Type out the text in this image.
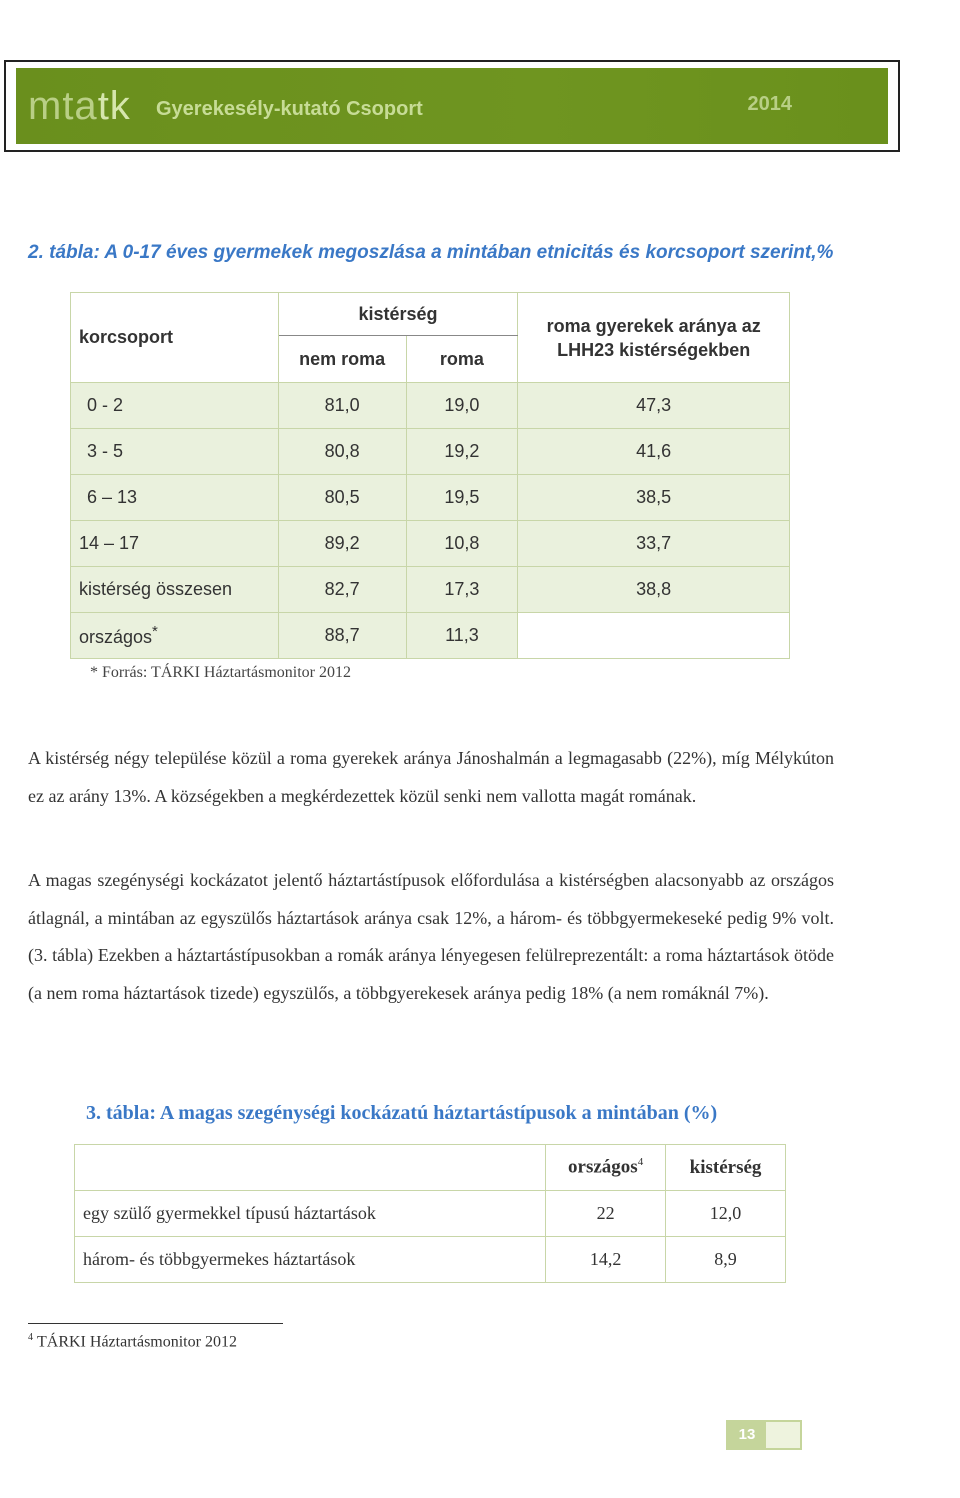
mtatk Gyerekesély-kutató Csoport	2014
2. tábla: A 0-17 éves gyermekek megoszlása a mintában etnicitás és korcsoport szerint,%
korcsoport	kistérség		roma gyerekek aránya az LHH23 kistérségekben
	nem roma	roma	
0 - 2	81,0	19,0	47,3
3 - 5	80,8	19,2	41,6
6 – 13	80,5	19,5	38,5
14 – 17	89,2	10,8	33,7
kistérség összesen	82,7	17,3	38,8
országos*	88,7	11,3	
* Forrás: TÁRKI Háztartásmonitor 2012
A kistérség négy települése közül a roma gyerekek aránya Jánoshalmán a legmagasabb (22%), míg Mélykúton ez az arány 13%. A községekben a megkérdezettek közül senki nem vallotta magát romának.
A magas szegénységi kockázatot jelentő háztartástípusok előfordulása a kistérségben alacsonyabb az országos átlagnál, a mintában az egyszülős háztartások aránya csak 12%, a három- és többgyermekeseké pedig 9% volt. (3. tábla) Ezekben a háztartástípusokban a romák aránya lényegesen felülreprezentált: a roma háztartások ötöde (a nem roma háztartások tizede) egyszülős, a többgyerekesek aránya pedig 18% (a nem romáknál 7%).
3. tábla: A magas szegénységi kockázatú háztartástípusok a mintában (%)
	országos$^4$	kistérség
egy szülő gyermekkel típusú háztartások	22	12,0
három- és többgyermekes háztartások	14,2	8,9
$^4$ TÁRKI Háztartásmonitor 2012
13
